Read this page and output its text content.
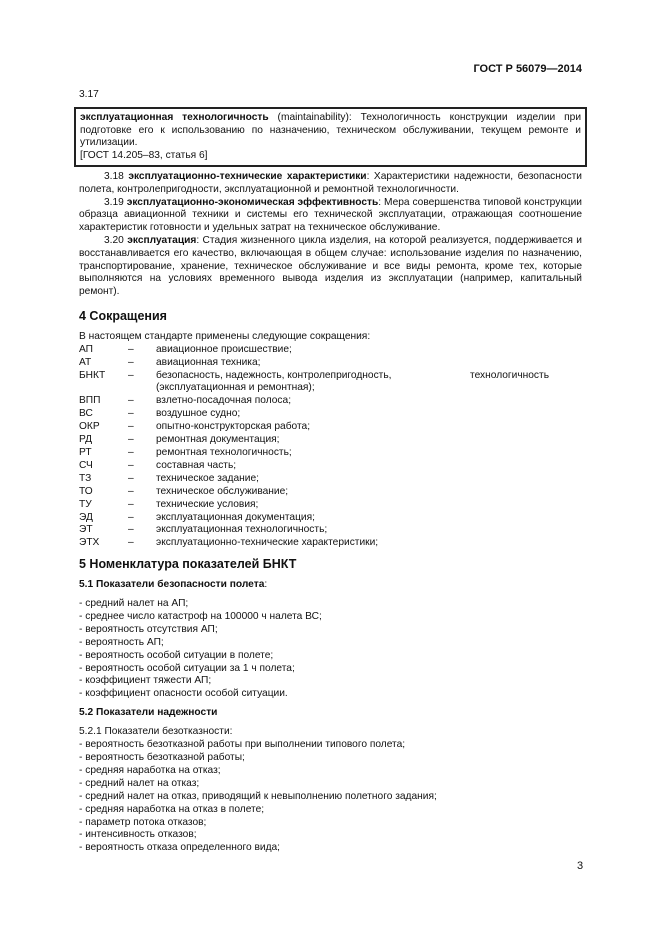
ГОСТ Р 56079—2014

3.17

эксплуатационная технологичность (maintainability): Технологичность конструкции изделии при подготовке его к использованию по назначению, техническом обслуживании, текущем ремонте и утилизации.
[ГОСТ 14.205–83, статья 6]

3.18 эксплуатационно-технические характеристики: Характеристики надежности, безопасности полета, контролепригодности, эксплуатационной и ремонтной технологичности.

3.19 эксплуатационно-экономическая эффективность: Мера совершенства типовой конструкции образца авиационной техники и системы его технической эксплуатации, отражающая соотношение характеристик готовности и удельных затрат на техническое обслуживание.

3.20 эксплуатация: Стадия жизненного цикла изделия, на которой реализуется, поддерживается и восстанавливается его качество, включающая в общем случае: использование изделия по назначению, транспортирование, хранение, техническое обслуживание и все виды ремонта, кроме тех, которые выполняются на условиях временного вывода изделия из эксплуатации (например, капитальный ремонт).

4 Сокращения

В настоящем стандарте применены следующие сокращения:

АП	–	авиационное происшествие;
АТ	–	авиационная техника;
БНКТ	–	безопасность, надежность, контролепригодность,	технологичность
(эксплуатационная и ремонтная);
ВПП	–	взлетно-посадочная полоса;
ВС	–	воздушное судно;
ОКР	–	опытно-конструкторская работа;
РД	–	ремонтная документация;
РТ	–	ремонтная технологичность;
СЧ	–	составная часть;
ТЗ	–	техническое задание;
ТО	–	техническое обслуживание;
ТУ	–	технические условия;
ЭД	–	эксплуатационная документация;
ЭТ	–	эксплуатационная технологичность;
ЭТХ	–	эксплуатационно-технические характеристики;
5 Номенклатура показателей БНКТ

5.1 Показатели безопасности полета:

- средний налет на АП;
- среднее число катастроф на 100000 ч налета ВС;
- вероятность отсутствия АП;
- вероятность АП;
- вероятность особой ситуации в полете;
- вероятность особой ситуации за 1 ч полета;
- коэффициент тяжести АП;
- коэффициент опасности особой ситуации.
5.2 Показатели надежности

5.2.1 Показатели безотказности:

- вероятность безотказной работы при выполнении типового полета;
- вероятность безотказной работы;
- средняя наработка на отказ;
- средний налет на отказ;
- средний налет на отказ, приводящий к невыполнению полетного задания;
- средняя наработка на отказ в полете;
- параметр потока отказов;
- интенсивность отказов;
- вероятность отказа определенного вида;
3
